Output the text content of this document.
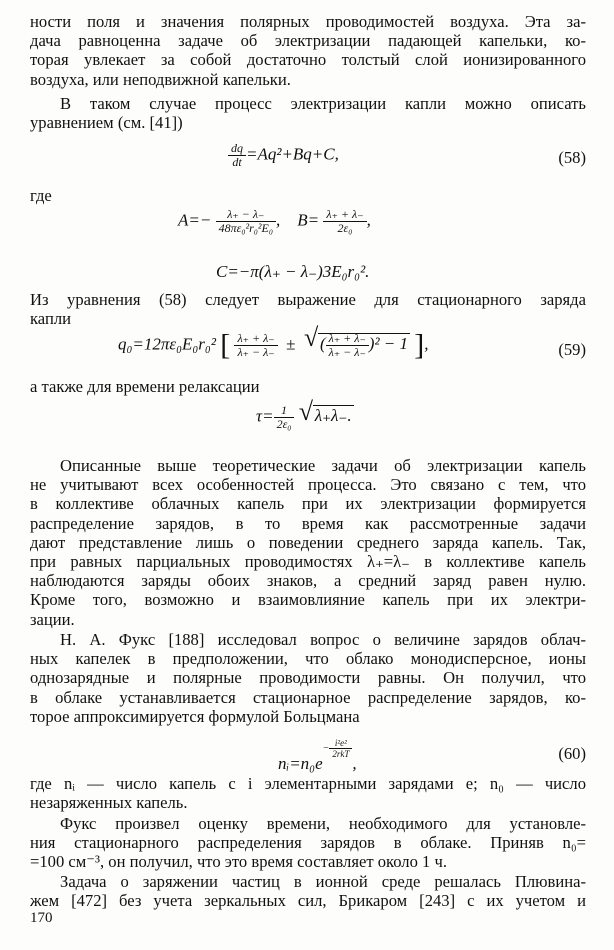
ности поля и значения полярных проводимостей воздуха. Эта за-
дача равноценна задаче об электризации падающей капельки, ко-
торая увлекает за собой достаточно толстый слой ионизированного
воздуха, или неподвижной капельки.
В таком случае процесс электризации капли можно описать
уравнением (см. [41])
$\frac{dq}{dt} =Aq^2+Bq+C$,	(58)
где
$A=- \frac{\lambda_+ - \lambda_-}{\text{48πε₀²r₀²E₀}}$ ,    $B= \frac{\lambda_+ + \lambda_-}{\text{2ε₀}}$ ,
C=−π(λ₊ − λ₋)3E₀r₀².
Из уравнения (58) следует выражение для стационарного заряда
капли
q₀=12πε₀E₀r₀² [ $\frac{\lambda_+ + \lambda_-}{\lambda_+ - \lambda_-}$ ± √ ( $\frac{\lambda_+ + \lambda_-}{\lambda_+ - \lambda_-} )^2 - 1$ ],	(59)
а также для времени релаксации
$\tau= \frac{1}{\text{2ε₀}}$
√ λ₊λ₋.
Описанные выше теоретические задачи об электризации капель
не учитывают всех особенностей процесса. Это связано с тем, что
в коллективе облачных капель при их электризации формируется
распределение зарядов, в то время как рассмотренные задачи
дают представление лишь о поведении среднего заряда капель. Так,
при равных парциальных проводимостях λ₊=λ₋ в коллективе капель
наблюдаются заряды обоих знаков, а средний заряд равен нулю.
Кроме того, возможно и взаимовлияние капель при их электри-
зации.
Н. А. Фукс [188] исследовал вопрос о величине зарядов облач-
ных капелек в предположении, что облако монодисперсное, ионы
однозарядные и полярные проводимости равны. Он получил, что
в облаке устанавливается стационарное распределение зарядов, ко-
торое аппроксимируется формулой Больцмана
nᵢ=n₀e− $\frac{\text{i²e²}}{\text{2rkT}}$
,
(60)
где nᵢ — число капель с i элементарными зарядами e; n₀ — число
незаряженных капель.
Фукс произвел оценку времени, необходимого для установле-
ния стационарного распределения зарядов в облаке. Приняв n₀=
=100 см⁻³, он получил, что это время составляет около 1 ч.
Задача о заряжении частиц в ионной среде решалась Плювина-
жем [472] без учета зеркальных сил, Брикаром [243] с их учетом и
170
